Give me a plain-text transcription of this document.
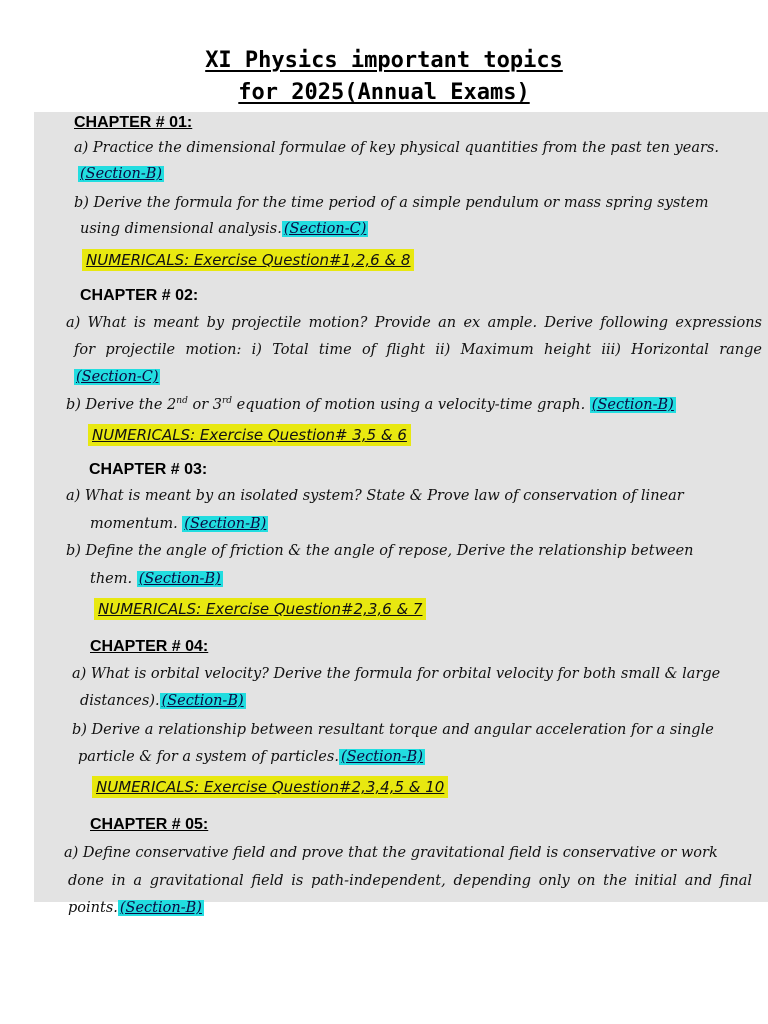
XI Physics important topics
for 2025(Annual Exams)
CHAPTER # 01:
a) Practice the dimensional formulae of key physical quantities from the past ten years.
(Section-B)
b) Derive the formula for the time period of a simple pendulum or mass spring system
using dimensional analysis. (Section-C)
NUMERICALS: Exercise Question#1,2,6 & 8
CHAPTER # 02:
a) What is meant by projectile motion? Provide an ex ample. Derive following expressions
for projectile motion: i) Total time of flight ii) Maximum height iii) Horizontal range
(Section-C)
b) Derive the 2nd or 3rd equation of motion using a velocity-time graph. (Section-B)
NUMERICALS: Exercise Question# 3,5 & 6
CHAPTER # 03:
a) What is meant by an isolated system? State & Prove law of conservation of linear
momentum. (Section-B)
b) Define the angle of friction & the angle of repose, Derive the relationship between
them. (Section-B)
NUMERICALS: Exercise Question#2,3,6 & 7
CHAPTER # 04:
a) What is orbital velocity? Derive the formula for orbital velocity for both small & large
distances). (Section-B)
b) Derive a relationship between resultant torque and angular acceleration for a single
particle & for a system of particles. (Section-B)
NUMERICALS: Exercise Question#2,3,4,5 & 10
CHAPTER # 05:
a) Define conservative field and prove that the gravitational field is conservative or work
done in a gravitational field is path-independent, depending only on the initial and final
points. (Section-B)
